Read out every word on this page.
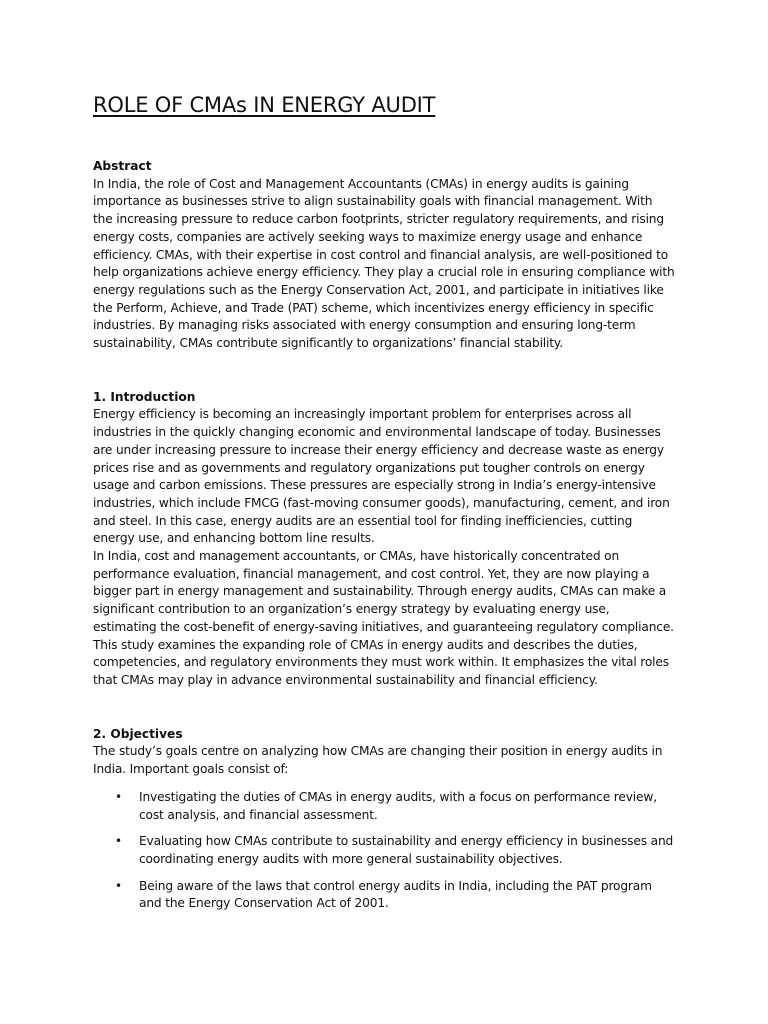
ROLE OF CMAs IN ENERGY AUDIT
Abstract

In India, the role of Cost and Management Accountants (CMAs) in energy audits is gaining importance as businesses strive to align sustainability goals with financial management. With the increasing pressure to reduce carbon footprints, stricter regulatory requirements, and rising energy costs, companies are actively seeking ways to maximize energy usage and enhance efficiency. CMAs, with their expertise in cost control and financial analysis, are well-positioned to help organizations achieve energy efficiency. They play a crucial role in ensuring compliance with energy regulations such as the Energy Conservation Act, 2001, and participate in initiatives like the Perform, Achieve, and Trade (PAT) scheme, which incentivizes energy efficiency in specific industries. By managing risks associated with energy consumption and ensuring long-term sustainability, CMAs contribute significantly to organizations’ financial stability.

1. Introduction

Energy efficiency is becoming an increasingly important problem for enterprises across all industries in the quickly changing economic and environmental landscape of today. Businesses are under increasing pressure to increase their energy efficiency and decrease waste as energy prices rise and as governments and regulatory organizations put tougher controls on energy usage and carbon emissions. These pressures are especially strong in India’s energy-intensive industries, which include FMCG (fast-moving consumer goods), manufacturing, cement, and iron and steel. In this case, energy audits are an essential tool for finding inefficiencies, cutting energy use, and enhancing bottom line results.

In India, cost and management accountants, or CMAs, have historically concentrated on performance evaluation, financial management, and cost control. Yet, they are now playing a bigger part in energy management and sustainability. Through energy audits, CMAs can make a significant contribution to an organization’s energy strategy by evaluating energy use, estimating the cost-benefit of energy-saving initiatives, and guaranteeing regulatory compliance. This study examines the expanding role of CMAs in energy audits and describes the duties, competencies, and regulatory environments they must work within. It emphasizes the vital roles that CMAs may play in advance environmental sustainability and financial efficiency.

2. Objectives

The study’s goals centre on analyzing how CMAs are changing their position in energy audits in India. Important goals consist of:

• Investigating the duties of CMAs in energy audits, with a focus on performance review, cost analysis, and financial assessment.
• Evaluating how CMAs contribute to sustainability and energy efficiency in businesses and coordinating energy audits with more general sustainability objectives.
• Being aware of the laws that control energy audits in India, including the PAT program and the Energy Conservation Act of 2001.
